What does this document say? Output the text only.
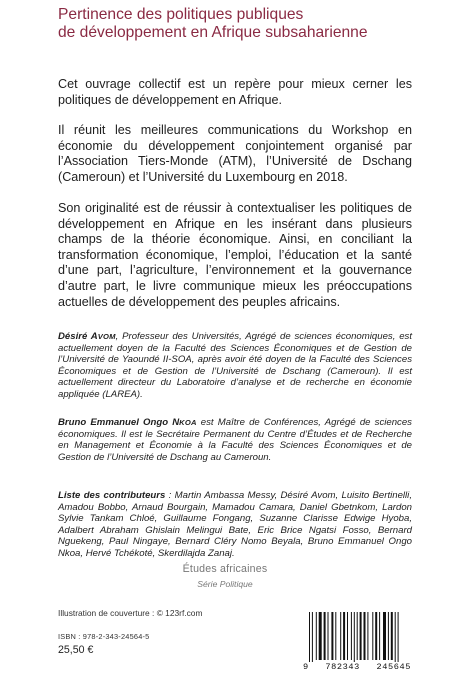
Pertinence des politiques publiques
de développement en Afrique subsaharienne
Cet ouvrage collectif est un repère pour mieux cerner les politiques de développement en Afrique.
Il réunit les meilleures communications du Workshop en économie du développement conjointement organisé par l’Association Tiers-Monde (ATM), l’Université de Dschang (Cameroun) et l’Université du Luxembourg en 2018.
Son originalité est de réussir à contextualiser les politiques de développement en Afrique en les insérant dans plusieurs champs de la théorie économique. Ainsi, en conciliant la transformation économique, l’emploi, l’éducation et la santé d’une part, l’agriculture, l’environnement et la gouvernance d’autre part, le livre communique mieux les préoccupations actuelles de développement des peuples africains.
Désiré AVOM, Professeur des Universités, Agrégé de sciences économiques, est actuellement doyen de la Faculté des Sciences Économiques et de Gestion de l’Université de Yaoundé II-SOA, après avoir été doyen de la Faculté des Sciences Économiques et de Gestion de l’Université de Dschang (Cameroun). Il est actuellement directeur du Laboratoire d’analyse et de recherche en économie appliquée (LAREA).
Bruno Emmanuel Ongo NKOA est Maître de Conférences, Agrégé de sciences économiques. Il est le Secrétaire Permanent du Centre d’Études et de Recherche en Management et Économie à la Faculté des Sciences Économiques et de Gestion de l’Université de Dschang au Cameroun.
Liste des contributeurs : Martin Ambassa Messy, Désiré Avom, Luisito Bertinelli, Amadou Bobbo, Arnaud Bourgain, Mamadou Camara, Daniel Gbetnkom, Lardon Sylvie Tankam Chloé, Guillaume Fongang, Suzanne Clarisse Edwige Hyoba, Adalbert Abraham Ghislain Melingui Bate, Eric Brice Ngatsi Fosso, Bernard Nguekeng, Paul Ningaye, Bernard Cléry Nomo Beyala, Bruno Emmanuel Ongo Nkoa, Hervé Tchékoté, Skerdilajda Zanaj.
Études africaines
Série Politique
Illustration de couverture : © 123rf.com
ISBN : 978-2-343-24564-5
25,50 €
9 782343 245645
